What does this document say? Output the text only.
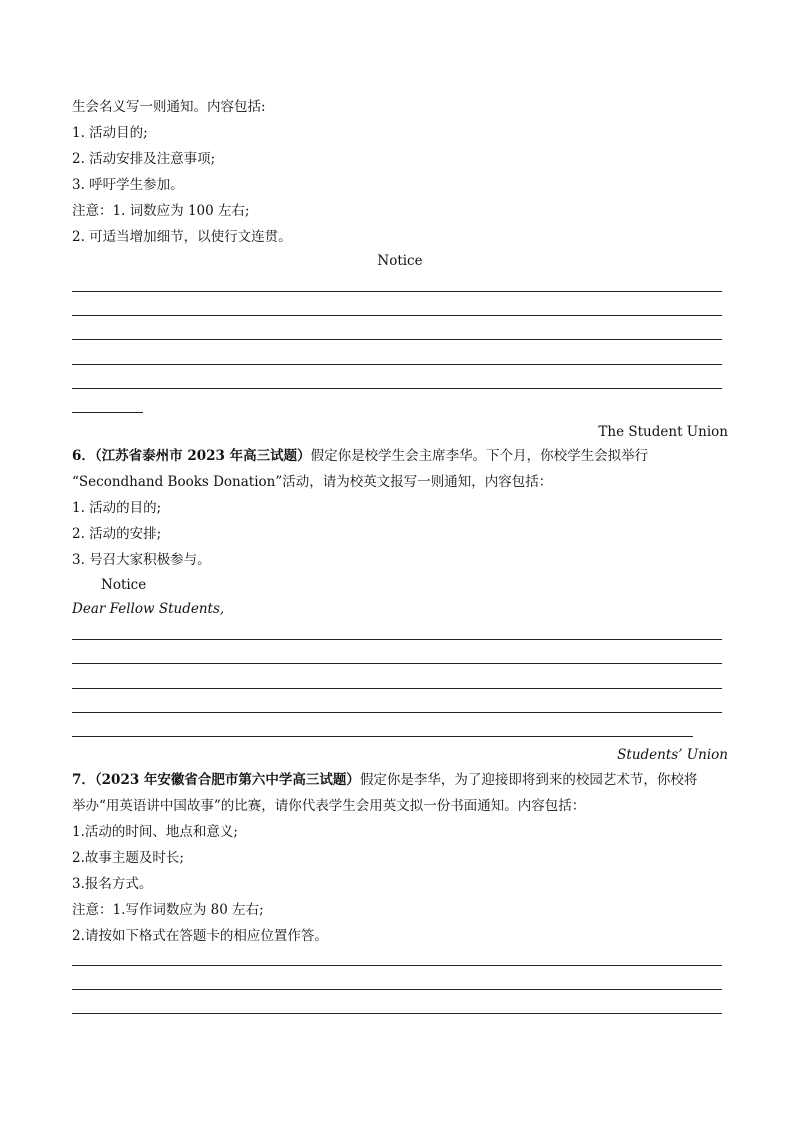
生会名义写一则通知。内容包括:
1. 活动目的;
2. 活动安排及注意事项;
3. 呼吁学生参加。
注意：1. 词数应为 100 左右;
2. 可适当增加细节，以使行文连贯。
Notice
The Student Union
6．（江苏省泰州市 2023 年高三试题）假定你是校学生会主席李华。下个月，你校学生会拟举行
“Secondhand Books Donation”活动，请为校英文报写一则通知，内容包括：
1. 活动的目的;
2. 活动的安排;
3. 号召大家积极参与。
Notice
Dear Fellow Students,
Students’ Union
7．（2023 年安徽省合肥市第六中学高三试题）假定你是李华，为了迎接即将到来的校园艺术节，你校将
举办“用英语讲中国故事”的比赛，请你代表学生会用英文拟一份书面通知。内容包括：
1.活动的时间、地点和意义;
2.故事主题及时长;
3.报名方式。
注意：1.写作词数应为 80 左右;
2.请按如下格式在答题卡的相应位置作答。
